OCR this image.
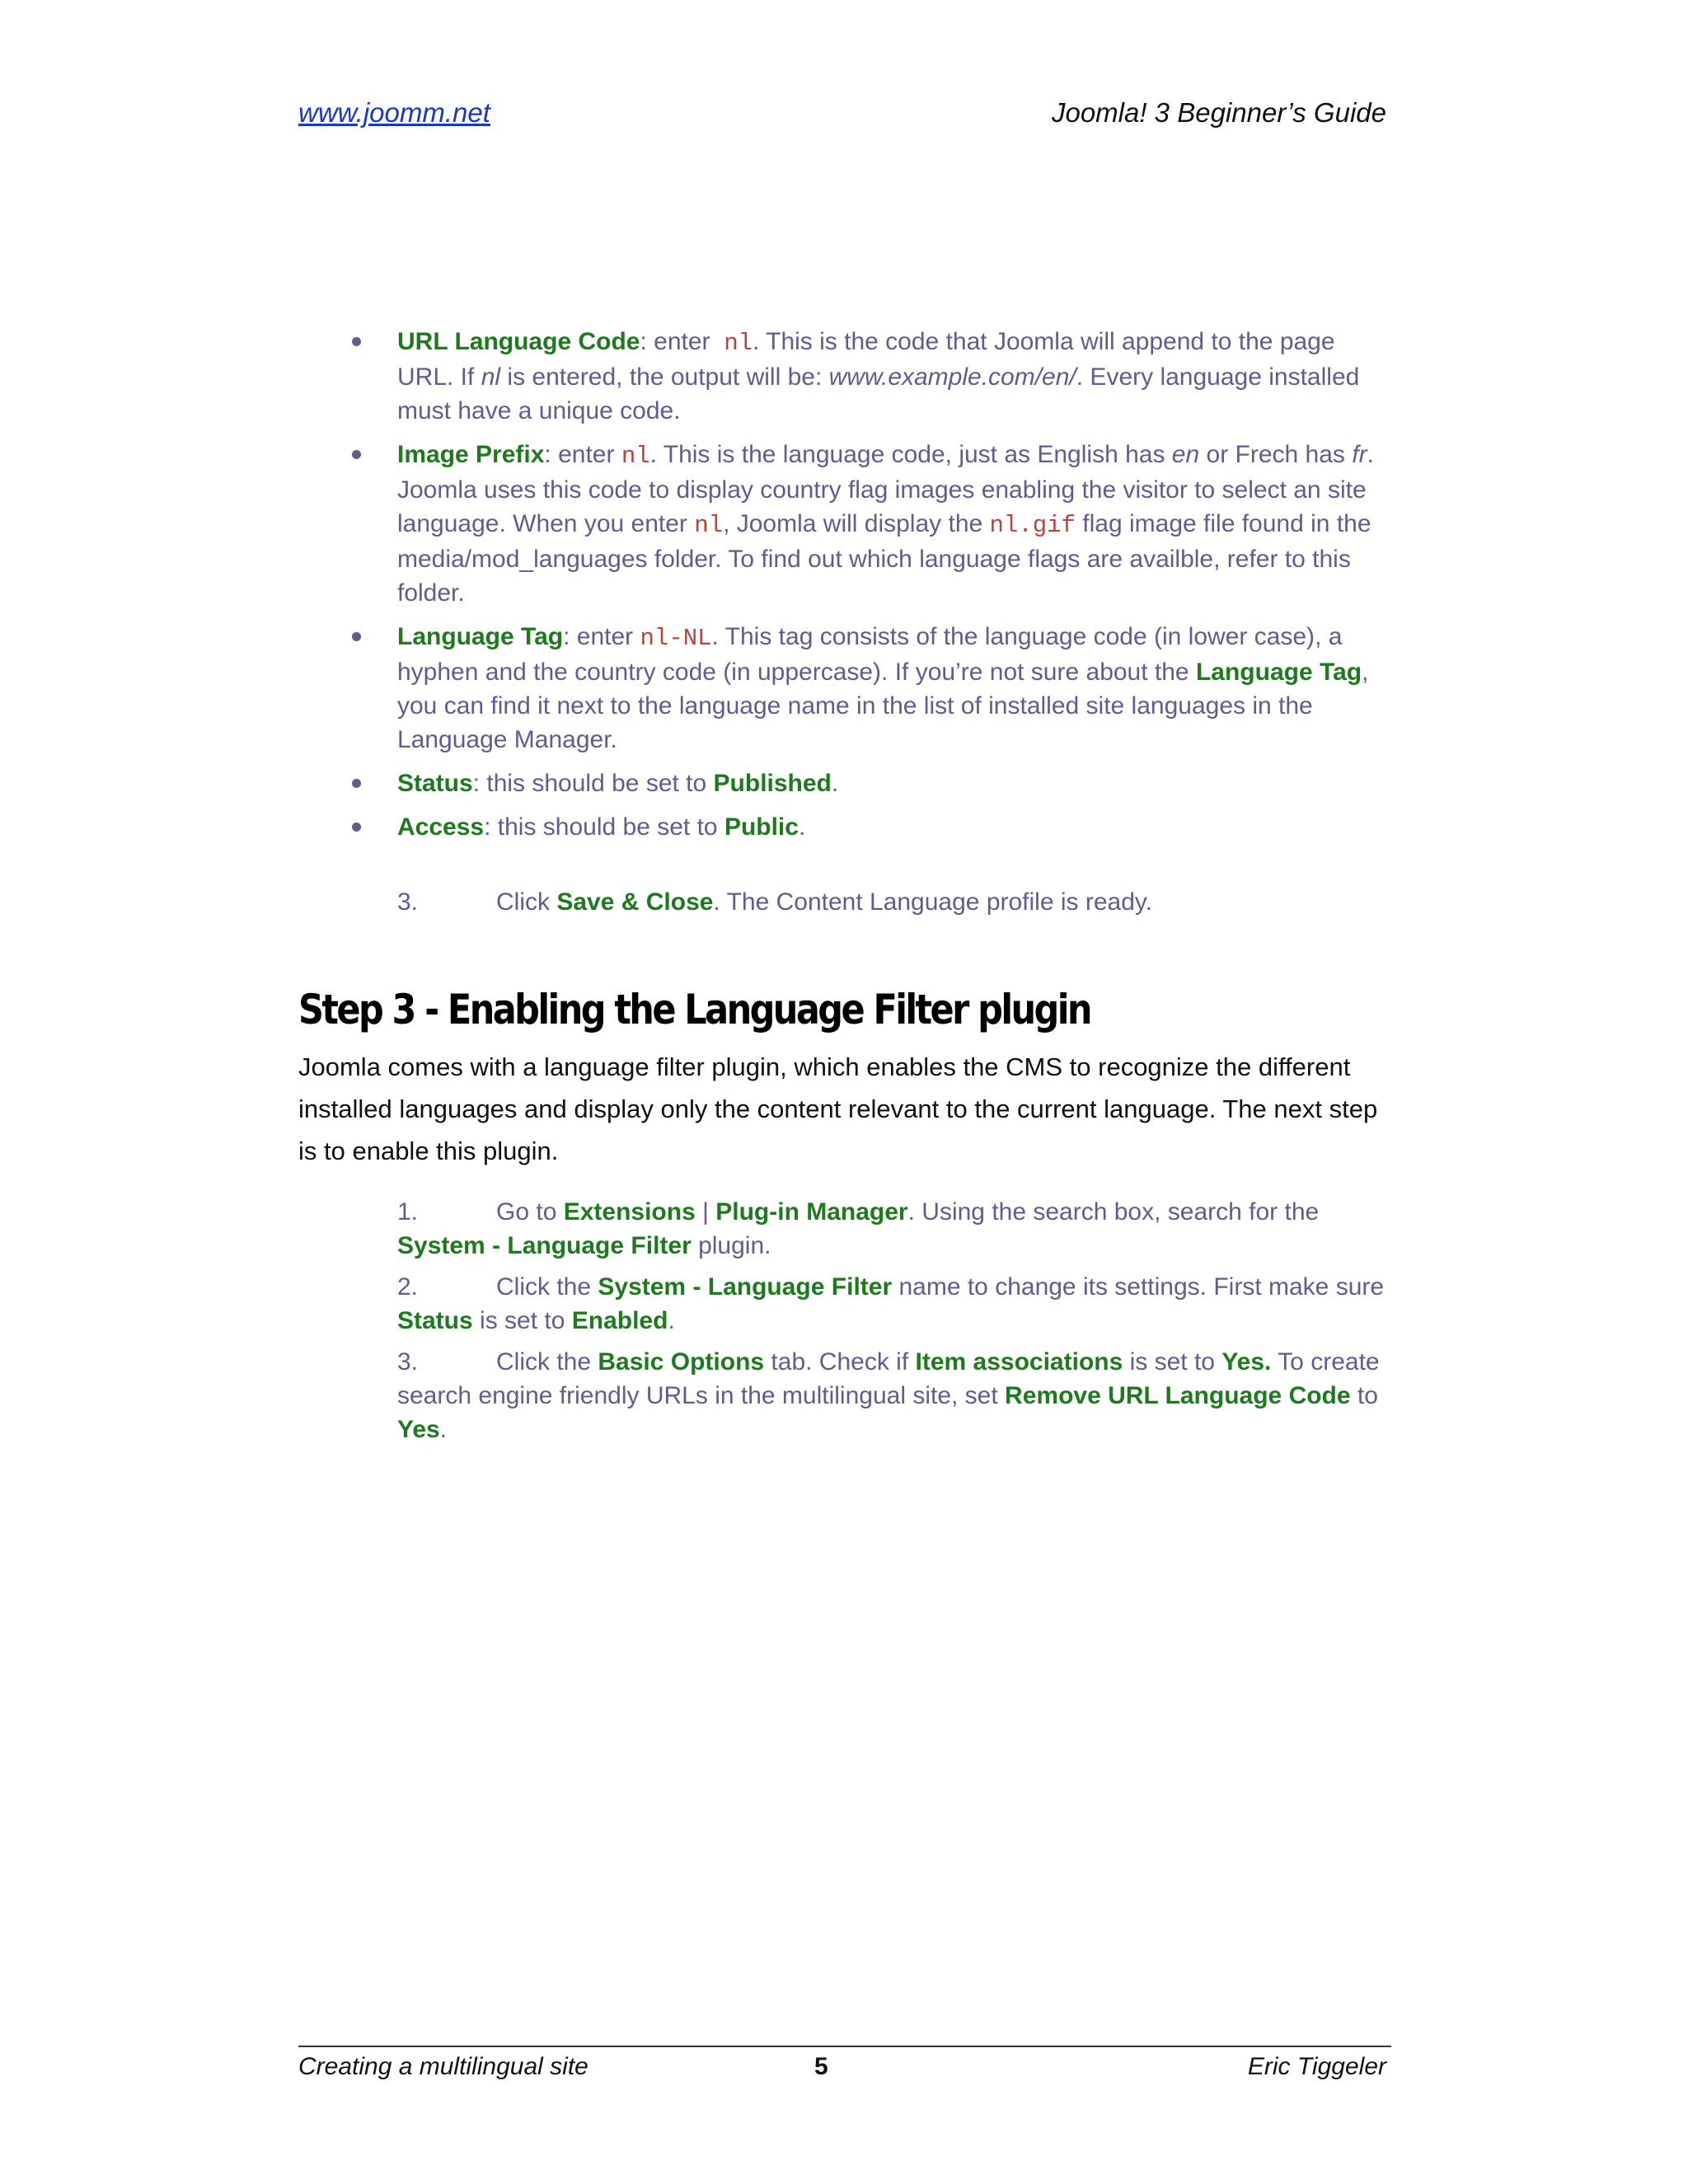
www.joomm.net	Joomla! 3 Beginner’s Guide
URL Language Code: enter  nl. This is the code that Joomla will append to the page URL. If nl is entered, the output will be: www.example.com/en/. Every language installed must have a unique code.
Image Prefix: enter nl. This is the language code, just as English has en or Frech has fr. Joomla uses this code to display country flag images enabling the visitor to select an site language. When you enter nl, Joomla will display the nl.gif flag image file found in the media/mod_languages folder. To find out which language flags are availble, refer to this folder.
Language Tag: enter nl-NL. This tag consists of the language code (in lower case), a hyphen and the country code (in uppercase). If you’re not sure about the Language Tag, you can find it next to the language name in the list of installed site languages in the Language Manager.
Status: this should be set to Published.
Access: this should be set to Public.
3.	Click Save & Close. The Content Language profile is ready.
Step 3 - Enabling the Language Filter plugin
Joomla comes with a language filter plugin, which enables the CMS to recognize the different installed languages and display only the content relevant to the current language. The next step is to enable this plugin.
1.	Go to Extensions | Plug-in Manager. Using the search box, search for the System - Language Filter plugin.
2.	Click the System - Language Filter name to change its settings. First make sure Status is set to Enabled.
3.	Click the Basic Options tab. Check if Item associations is set to Yes. To create search engine friendly URLs in the multilingual site, set Remove URL Language Code to Yes.
Creating a multilingual site	5	Eric Tiggeler
